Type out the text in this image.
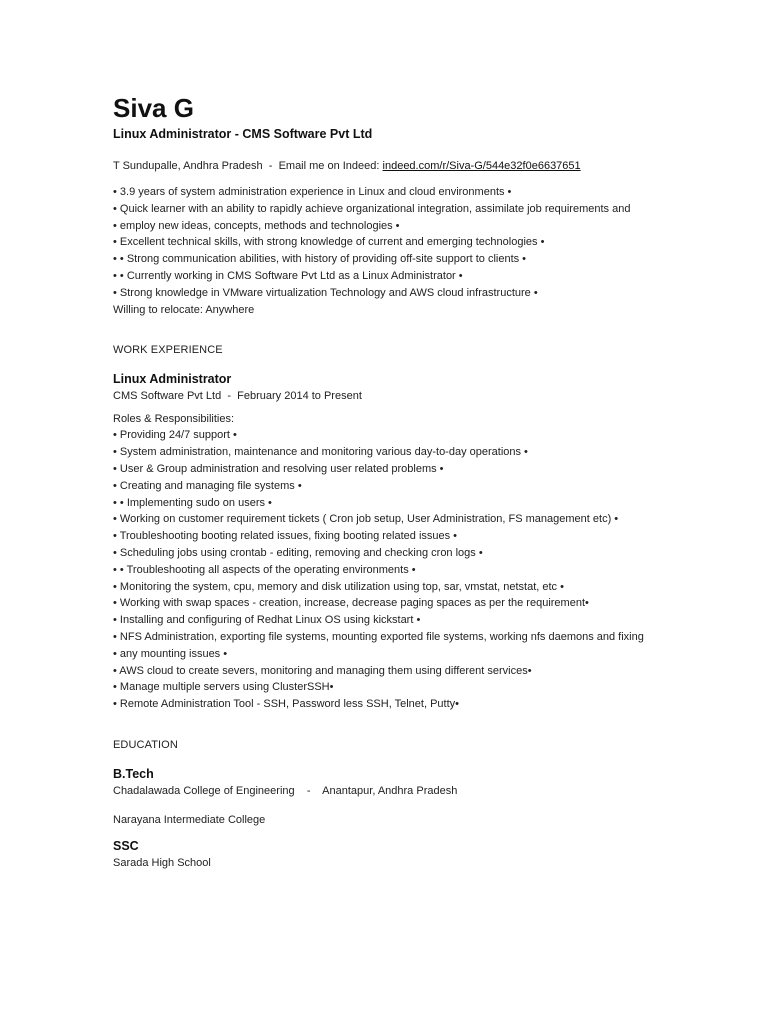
Siva G
Linux Administrator - CMS Software Pvt Ltd
T Sundupalle, Andhra Pradesh - Email me on Indeed: indeed.com/r/Siva-G/544e32f0e6637651
• 3.9 years of system administration experience in Linux and cloud environments •
• Quick learner with an ability to rapidly achieve organizational integration, assimilate job requirements and
• employ new ideas, concepts, methods and technologies •
• Excellent technical skills, with strong knowledge of current and emerging technologies •
• • Strong communication abilities, with history of providing off-site support to clients •
• • Currently working in CMS Software Pvt Ltd as a Linux Administrator •
• Strong knowledge in VMware virtualization Technology and AWS cloud infrastructure •
Willing to relocate: Anywhere
WORK EXPERIENCE
Linux Administrator
CMS Software Pvt Ltd - February 2014 to Present
Roles & Responsibilities:
• Providing 24/7 support •
• System administration, maintenance and monitoring various day-to-day operations •
• User & Group administration and resolving user related problems •
• Creating and managing file systems •
• • Implementing sudo on users •
• Working on customer requirement tickets ( Cron job setup, User Administration, FS management etc) •
• Troubleshooting booting related issues, fixing booting related issues •
• Scheduling jobs using crontab - editing, removing and checking cron logs •
• • Troubleshooting all aspects of the operating environments •
• Monitoring the system, cpu, memory and disk utilization using top, sar, vmstat, netstat, etc •
• Working with swap spaces - creation, increase, decrease paging spaces as per the requirement•
• Installing and configuring of Redhat Linux OS using kickstart •
• NFS Administration, exporting file systems, mounting exported file systems, working nfs daemons and fixing
• any mounting issues •
• AWS cloud to create severs, monitoring and managing them using different services•
• Manage multiple servers using ClusterSSH•
• Remote Administration Tool - SSH, Password less SSH, Telnet, Putty•
EDUCATION
B.Tech
Chadalawada College of Engineering - Anantapur, Andhra Pradesh
Narayana Intermediate College
SSC
Sarada High School
